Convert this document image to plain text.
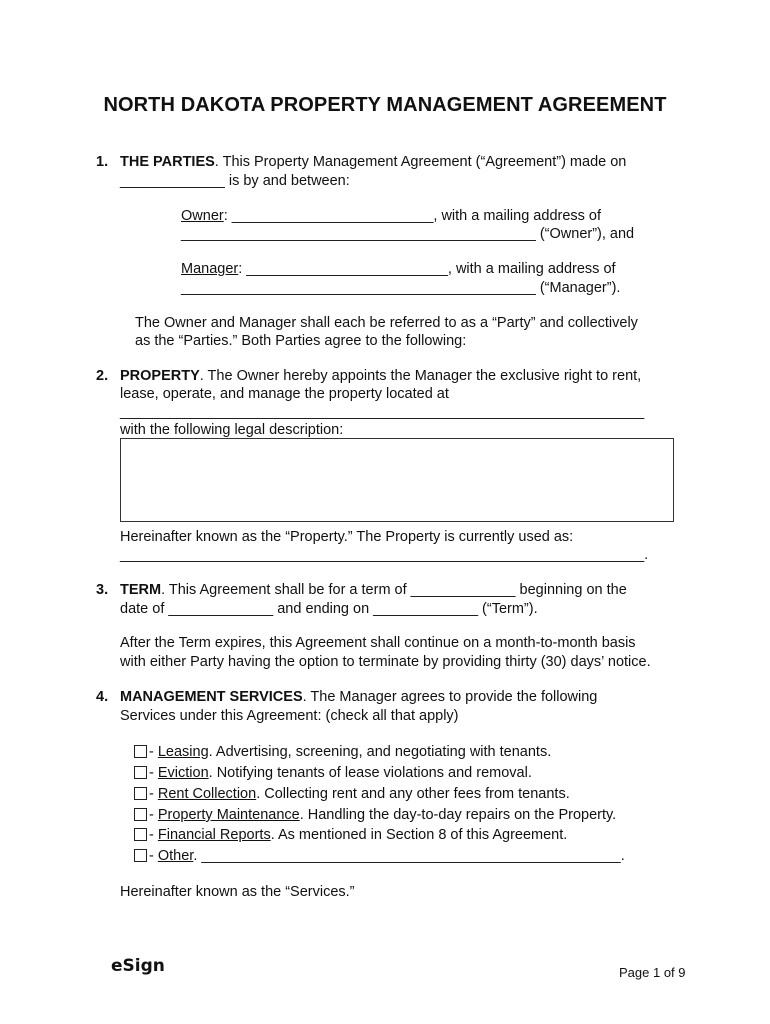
NORTH DAKOTA PROPERTY MANAGEMENT AGREEMENT
1. THE PARTIES. This Property Management Agreement (“Agreement”) made on
_____________ is by and between:
Owner: _________________________, with a mailing address of
____________________________________________ (“Owner”), and
Manager: _________________________, with a mailing address of
____________________________________________ (“Manager”).
The Owner and Manager shall each be referred to as a “Party” and collectively
as the “Parties.” Both Parties agree to the following:
2. PROPERTY. The Owner hereby appoints the Manager the exclusive right to rent,
lease, operate, and manage the property located at
_________________________________________________________________
with the following legal description:
Hereinafter known as the “Property.” The Property is currently used as:
_________________________________________________________________.
3. TERM. This Agreement shall be for a term of _____________ beginning on the
date of _____________ and ending on _____________ (“Term”).
After the Term expires, this Agreement shall continue on a month-to-month basis
with either Party having the option to terminate by providing thirty (30) days’ notice.
4. MANAGEMENT SERVICES. The Manager agrees to provide the following
Services under this Agreement: (check all that apply)
- Leasing. Advertising, screening, and negotiating with tenants.
- Eviction. Notifying tenants of lease violations and removal.
- Rent Collection. Collecting rent and any other fees from tenants.
- Property Maintenance. Handling the day-to-day repairs on the Property.
- Financial Reports. As mentioned in Section 8 of this Agreement.
- Other. ____________________________________________________.
Hereinafter known as the “Services.”
eSign	Page 1 of 9
